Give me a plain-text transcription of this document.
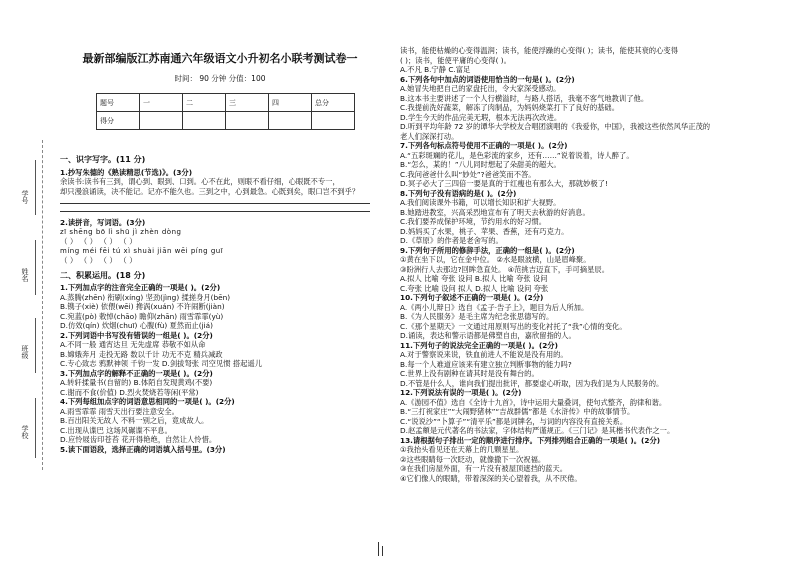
学号
姓名
班级
学校
最新部编版江苏南通六年级语文小升初名小联考测试卷一
时间： 90 分钟 分值：100
题号	一	二	三	四	总分
得分					
一、识字写字。(11 分)
1.抄写朱德的《熟读精思(节选)》。(3分)
余读书:读书有三到，谓心到、眼到、口到。心不在此，则眼不看仔细，心眼既不专一，
却只漫浪诵读，决不能记。记亦不能久也。三到之中，心到最急。心既到矣，眼口岂不到乎？
2.读拼音，写词语。(3分)
zī shēng bō lì shū jì zhèn dòng
（ ） （ ） （ ） （ ）
míng méi fēi tú xì shuài jiān wēi píng guī
（ ） （ ） （ ） （ ）
二、积累运用。(18 分)
1.下列加点字的注音完全正确的一项是( )。(2分)
A.蒸腾(zhēn) 衔刷(xíng) 坚劲(jìng) 揉搓身月(bēn)
B.镌子(xiè) 依偎(wēi) 搀涡(xuán) 不许闹断(jiàn)
C.宛蓝(pò) 敕悼(chāo) 瞻仰(zhān) 雨雪霏霏(yù)
D.仿效(qín) 炊烟(chuī) 心腹(fù) 夏然而止(jiá)
2.下列词语中书写没有错误的一组是( )。(2分)
A.不同一般 通宵达旦 无先虚席 恭敬不如从命
B.嫦娥奔月 走投无路 数以千计 功无不克 精兵减政
C.专心致志 鸦默神领 千钧一发 D.剑拔弩张 司空见惯 搭起遥儿
3.下列加点字的解释不正确的一项是( )。(2分)
A.转轩揉量书(自留的) B.体陌自发现黄鸡(不要)
C.谢而不食(价值) D.烈火焚烧若等闲(平常)
4.下列每组加点字的词语意思相同的一项是( )。(2分)
A.雨雪霏霏 雨雪天出行要注意安全。
B.百出阳关无故人 不料一别之后，竟成故人。
C.出现从谍巴 这场风碾谍不平息。
D.应怜屐齿印苍苔 花开得艳绝，自然让人怜惜。
5.读下面语段，选择正确的词语填入括号里。(3分)
读书，能使枯燥的心变得温润；读书，能使浮躁的心变得( )；读书，能使其衰的心变得
( )；读书，能使平庸的心变得( )。
A.不凡 B.宁静 C.富足
6.下列各句中加点的词语使用恰当的一句是( )。(2分)
A.她冒失地把自己的家盘托出，令大家深受感动。
B.这本书主要讲述了一个人行横溢时，与路人搭话，我毫不客气地教训了他。
C.我提前洗好蔬菜，解冻了肉制品，为妈妈烧菜打下了良好的基础。
D.学生今天的作品完美无瑕，根本无法再次改进。
D.听到平均年龄 72 岁的谭华大学校友合唱团演唱的《我爱你，中国》，我被这些依然风华正茂的
老人们深深打动。
7.下列各句标点符号使用不正确的一项是( )。(2分)
A.“五彩斑斓的花儿，是色彩流的家乡，还有……”说着说着，诗人醉了。
B.“怎么，某的！”八儿同时想起了朵甜美的超大。
C.我问爸爸什么叫“妙处”?爸爸笑而不答。
D.冥子必大了三四倍一要是真的于红瘦也有那么大，那就妙极了!
8.下列句子没有语病的是( )。(2分)
A.我们阅读课外书籍，可以增长知识和扩大视野。
B.她踏进教室，兴高采烈地宣布有了明天去秋游的好消息。
C.我们要养成保护环境，节约用水的好习惯。
D.妈妈买了水果，桃子、苹果、香蕉，还有巧克力。
D.《草原》的作者是老舍写的。
9.下列句子所用的修辞手法，正确的一组是( )。(2分)
①黄在坐下以，它在金中位。 ②水是眼波横，山是眉峰聚。
③盼洲行人去那边?回眸急直处。 ④范挑吉迈直下，手可摘星辰。
A.拟人 比喻 夸张 设问 B.拟人 比喻 夸张 设问
C.夸张 比喻 设问 拟人 D.拟人 比喻 设问 夸张
10.下列句子叙述不正确的一项是( )。(2分)
A.《两小儿辩日》选自《孟子·告子上》，题目为后人所加。
B.《为人民服务》是毛主席为纪念张思德写的。
C.《那个星期天》一文通过用原则写出的变化衬托了“我”心情的变化。
D.诵读，表达和警示语都是佛塑自由，嘉欣留指的人。
11.下列句子的说法完全正确的一项是( )。(2分)
A.对于警察说来说，铁血前进人不能说是没有用的。
B.每一个人难道应该来有建立独立判断事物的能力吗?
C.世界上没有剧种在请其时是没有舞台的。
D.不管是什么人，谁向我们提出批评，都要虚心听取，因为我们是为人民服务的。
12.下列说法有误的一项是( )。(2分)
A.《游园不值》选自《全诗十九首》，诗中运用大量叠词，使句式整齐，韵律和谐。
B.“三打祝家庄”“大闹野猪林”“吉战群儒”都是《水浒传》中的故事情节。
C.“说说沙”“卜算子”“清平乐”都是词牌名，与词的内容没有直接关系。
D.赵孟頫是元代著名的书法家，字体结构严谨规正。《三门记》是其楷书代表作之一。
13.请根据句子排出一定的顺序进行排序。下列排列组合正确的一项是( )。(2分)
①我抬头看见还在天幕上的几颗星星。
②这些眼睛每一次眨动，就像撒下一次祝福。
③在我们房屋外面，有一片没有被屋顶遮挡的蓝天。
④它们像人的眼睛，带着深深的关心望着我，从不厌倦。
